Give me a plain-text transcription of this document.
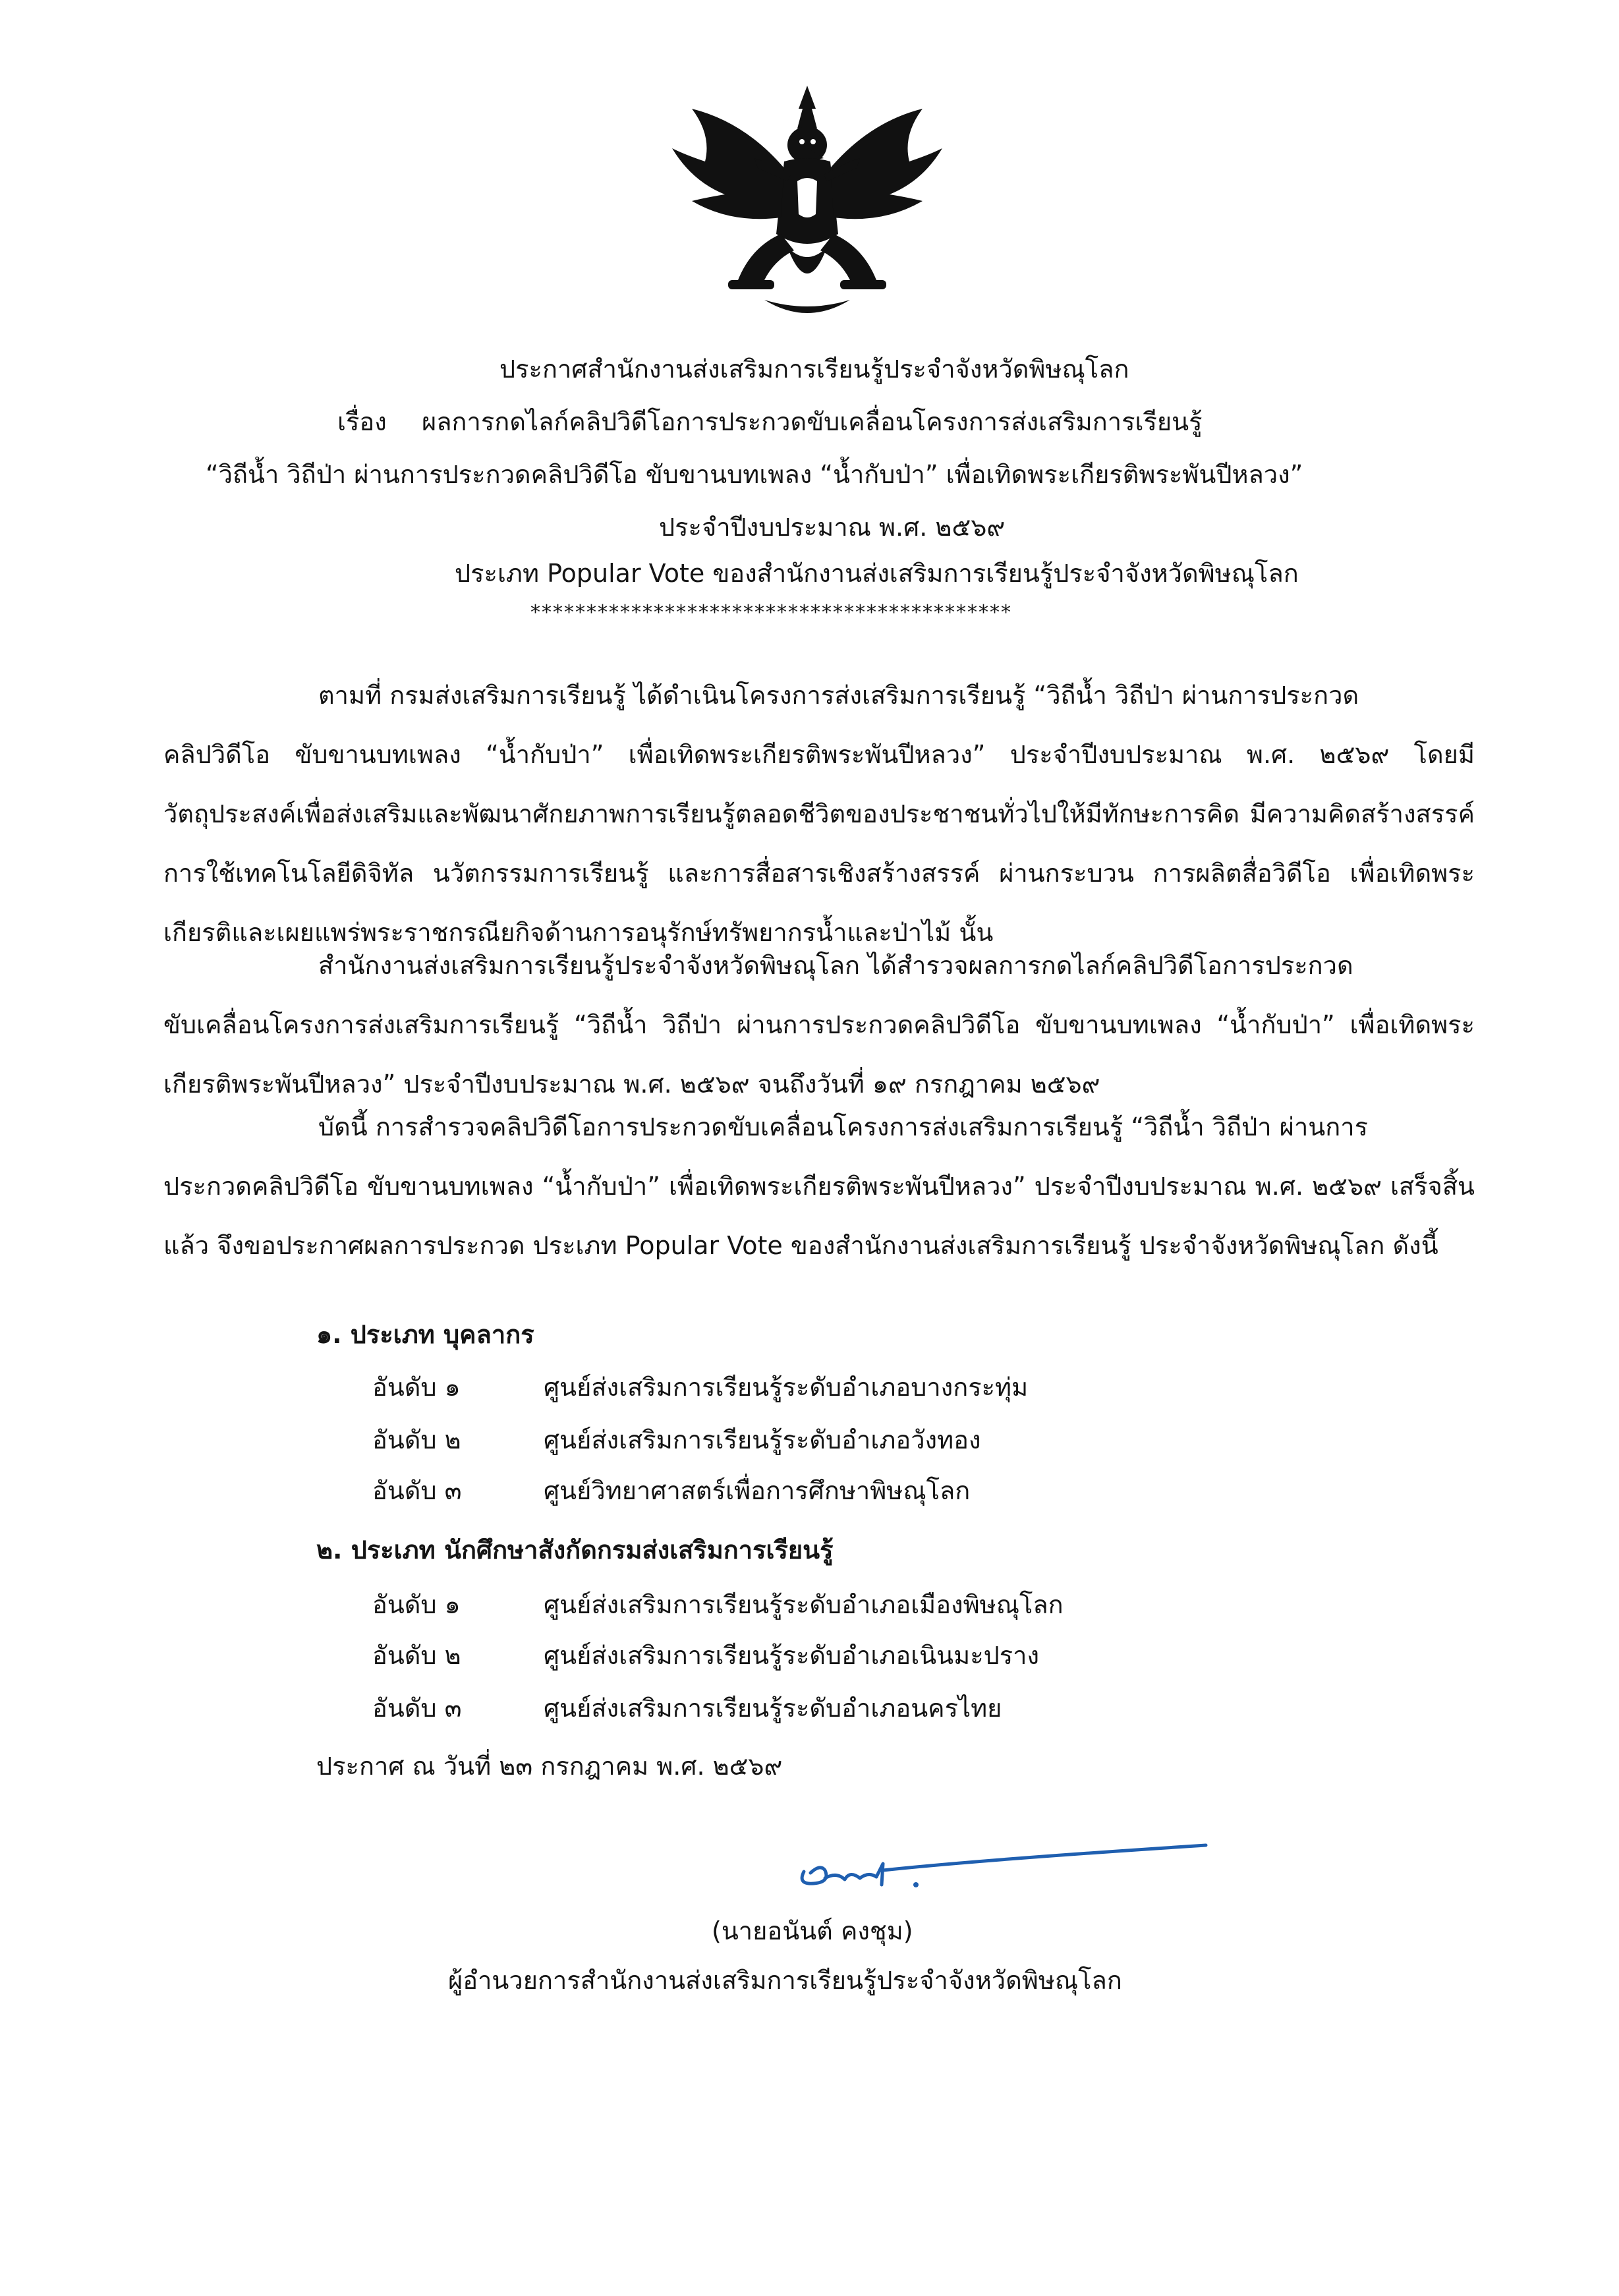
ประกาศสำนักงานส่งเสริมการเรียนรู้ประจำจังหวัดพิษณุโลก
เรื่อง ผลการกดไลก์คลิปวิดีโอการประกวดขับเคลื่อนโครงการส่งเสริมการเรียนรู้
“วิถีน้ำ วิถีป่า ผ่านการประกวดคลิปวิดีโอ ขับขานบทเพลง “น้ำกับป่า” เพื่อเทิดพระเกียรติพระพันปีหลวง”
ประจำปีงบประมาณ พ.ศ. ๒๕๖๙
ประเภท Popular Vote ของสำนักงานส่งเสริมการเรียนรู้ประจำจังหวัดพิษณุโลก
*******************************************
ตามที่ กรมส่งเสริมการเรียนรู้ ได้ดำเนินโครงการส่งเสริมการเรียนรู้ “วิถีน้ำ วิถีป่า ผ่านการประกวด
คลิปวิดีโอ ขับขานบทเพลง “น้ำกับป่า” เพื่อเทิดพระเกียรติพระพันปีหลวง” ประจำปีงบประมาณ พ.ศ. ๒๕๖๙ โดยมีวัตถุประสงค์เพื่อส่งเสริมและพัฒนาศักยภาพการเรียนรู้ตลอดชีวิตของประชาชนทั่วไปให้มีทักษะการคิด มีความคิดสร้างสรรค์ การใช้เทคโนโลยีดิจิทัล นวัตกรรมการเรียนรู้ และการสื่อสารเชิงสร้างสรรค์ ผ่านกระบวน การผลิตสื่อวิดีโอ เพื่อเทิดพระเกียรติและเผยแพร่พระราชกรณียกิจด้านการอนุรักษ์ทรัพยากรน้ำและป่าไม้ นั้น
สำนักงานส่งเสริมการเรียนรู้ประจำจังหวัดพิษณุโลก ได้สำรวจผลการกดไลก์คลิปวิดีโอการประกวด
ขับเคลื่อนโครงการส่งเสริมการเรียนรู้ “วิถีน้ำ วิถีป่า ผ่านการประกวดคลิปวิดีโอ ขับขานบทเพลง “น้ำกับป่า” เพื่อเทิดพระเกียรติพระพันปีหลวง” ประจำปีงบประมาณ พ.ศ. ๒๕๖๙ จนถึงวันที่ ๑๙ กรกฎาคม ๒๕๖๙
บัดนี้ การสำรวจคลิปวิดีโอการประกวดขับเคลื่อนโครงการส่งเสริมการเรียนรู้ “วิถีน้ำ วิถีป่า ผ่านการ
ประกวดคลิปวิดีโอ ขับขานบทเพลง “น้ำกับป่า” เพื่อเทิดพระเกียรติพระพันปีหลวง” ประจำปีงบประมาณ พ.ศ. ๒๕๖๙ เสร็จสิ้นแล้ว จึงขอประกาศผลการประกวด ประเภท Popular Vote ของสำนักงานส่งเสริมการเรียนรู้ ประจำจังหวัดพิษณุโลก ดังนี้
๑. ประเภท บุคลากร
อันดับ ๑	ศูนย์ส่งเสริมการเรียนรู้ระดับอำเภอบางกระทุ่ม
อันดับ ๒	ศูนย์ส่งเสริมการเรียนรู้ระดับอำเภอวังทอง
อันดับ ๓	ศูนย์วิทยาศาสตร์เพื่อการศึกษาพิษณุโลก
๒. ประเภท นักศึกษาสังกัดกรมส่งเสริมการเรียนรู้
อันดับ ๑	ศูนย์ส่งเสริมการเรียนรู้ระดับอำเภอเมืองพิษณุโลก
อันดับ ๒	ศูนย์ส่งเสริมการเรียนรู้ระดับอำเภอเนินมะปราง
อันดับ ๓	ศูนย์ส่งเสริมการเรียนรู้ระดับอำเภอนครไทย
ประกาศ ณ วันที่ ๒๓ กรกฎาคม พ.ศ. ๒๕๖๙
(นายอนันต์ คงชุม)
ผู้อำนวยการสำนักงานส่งเสริมการเรียนรู้ประจำจังหวัดพิษณุโลก
